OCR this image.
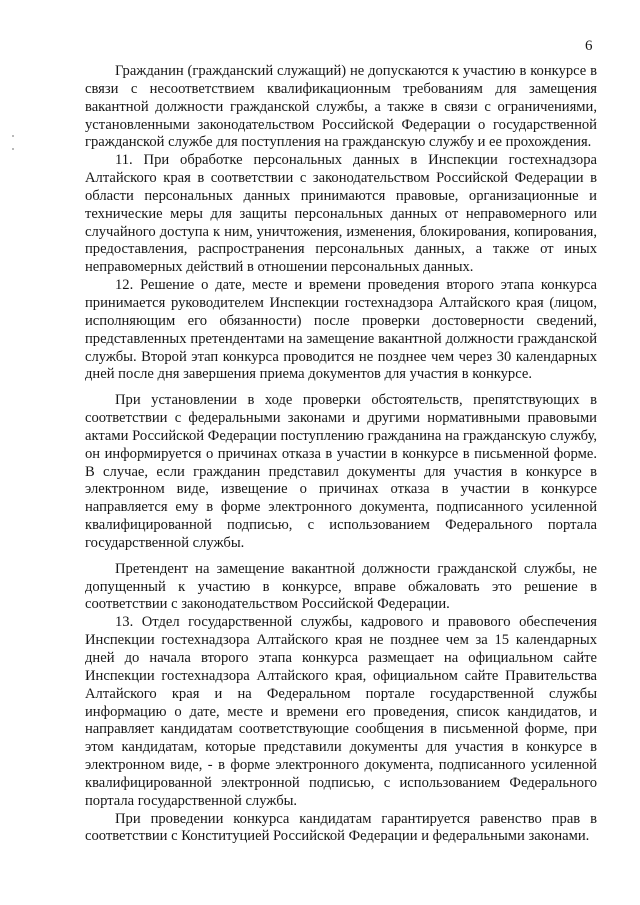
6

Гражданин (гражданский служащий) не допускаются к участию в конкурсе в связи с несоответствием квалификационным требованиям для замещения вакантной должности гражданской службы, а также в связи с ограничениями, установленными законодательством Российской Федерации о государственной гражданской службе для поступления на гражданскую службу и ее прохождения.

11. При обработке персональных данных в Инспекции гостехнадзора Алтайского края в соответствии с законодательством Российской Федерации в области персональных данных принимаются правовые, организационные и технические меры для защиты персональных данных от неправомерного или случайного доступа к ним, уничтожения, изменения, блокирования, копирования, предоставления, распространения персональных данных, а также от иных неправомерных действий в отношении персональных данных.

12. Решение о дате, месте и времени проведения второго этапа конкурса принимается руководителем Инспекции гостехнадзора Алтайского края (лицом, исполняющим его обязанности) после проверки достоверности сведений, представленных претендентами на замещение вакантной должности гражданской службы. Второй этап конкурса проводится не позднее чем через 30 календарных дней после дня завершения приема документов для участия в конкурсе.

При установлении в ходе проверки обстоятельств, препятствующих в соответствии с федеральными законами и другими нормативными правовыми актами Российской Федерации поступлению гражданина на гражданскую службу, он информируется о причинах отказа в участии в конкурсе в письменной форме. В случае, если гражданин представил документы для участия в конкурсе в электронном виде, извещение о причинах отказа в участии в конкурсе направляется ему в форме электронного документа, подписанного усиленной квалифицированной подписью, с использованием Федерального портала государственной службы.

Претендент на замещение вакантной должности гражданской службы, не допущенный к участию в конкурсе, вправе обжаловать это решение в соответствии с законодательством Российской Федерации.

13. Отдел государственной службы, кадрового и правового обеспечения Инспекции гостехнадзора Алтайского края не позднее чем за 15 календарных дней до начала второго этапа конкурса размещает на официальном сайте Инспекции гостехнадзора Алтайского края, официальном сайте Правительства Алтайского края и на Федеральном портале государственной службы информацию о дате, месте и времени его проведения, список кандидатов, и направляет кандидатам соответствующие сообщения в письменной форме, при этом кандидатам, которые представили документы для участия в конкурсе в электронном виде, - в форме электронного документа, подписанного усиленной квалифицированной электронной подписью, с использованием Федерального портала государственной службы.

При проведении конкурса кандидатам гарантируется равенство прав в соответствии с Конституцией Российской Федерации и федеральными законами.
